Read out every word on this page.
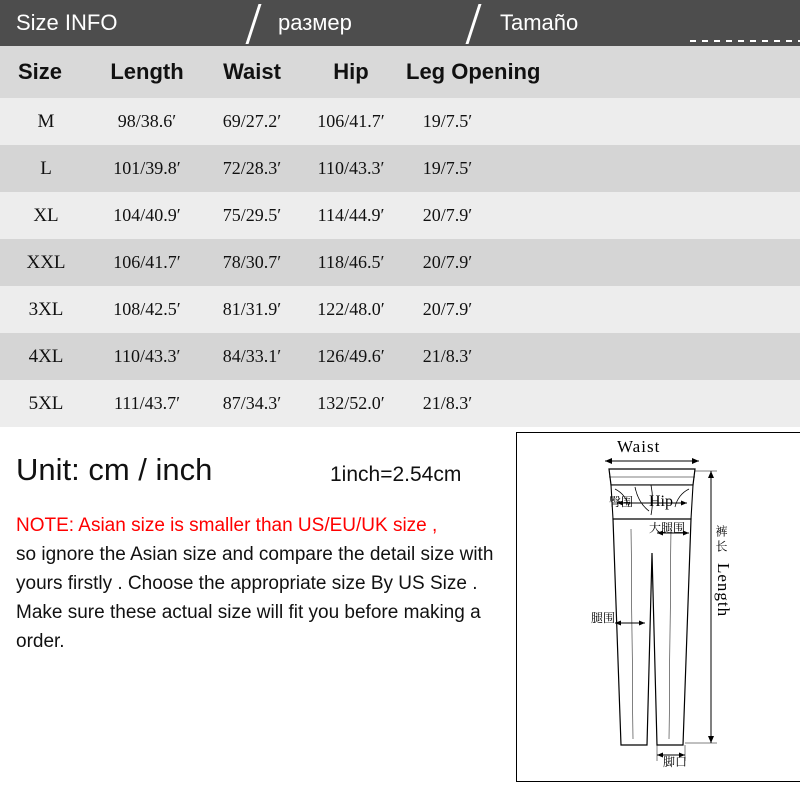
Size INFO	размер	Tamaño
Size	Length	Waist	Hip	Leg Opening	
M	98/38.6′	69/27.2′	106/41.7′	19/7.5′	
L	101/39.8′	72/28.3′	110/43.3′	19/7.5′	
XL	104/40.9′	75/29.5′	114/44.9′	20/7.9′	
XXL	106/41.7′	78/30.7′	118/46.5′	20/7.9′	
3XL	108/42.5′	81/31.9′	122/48.0′	20/7.9′	
4XL	110/43.3′	84/33.1′	126/49.6′	21/8.3′	
5XL	111/43.7′	87/34.3′	132/52.0′	21/8.3′	
Unit: cm / inch	1inch=2.54cm
NOTE: Asian size is smaller than US/EU/UK size ,
so ignore the Asian size and compare the detail size with yours firstly . Choose the appropriate size By US Size . Make sure these actual size will fit you before making a order.
Waist
Hip
臀围
大腿围
腿围
脚口
Length
裤 长
